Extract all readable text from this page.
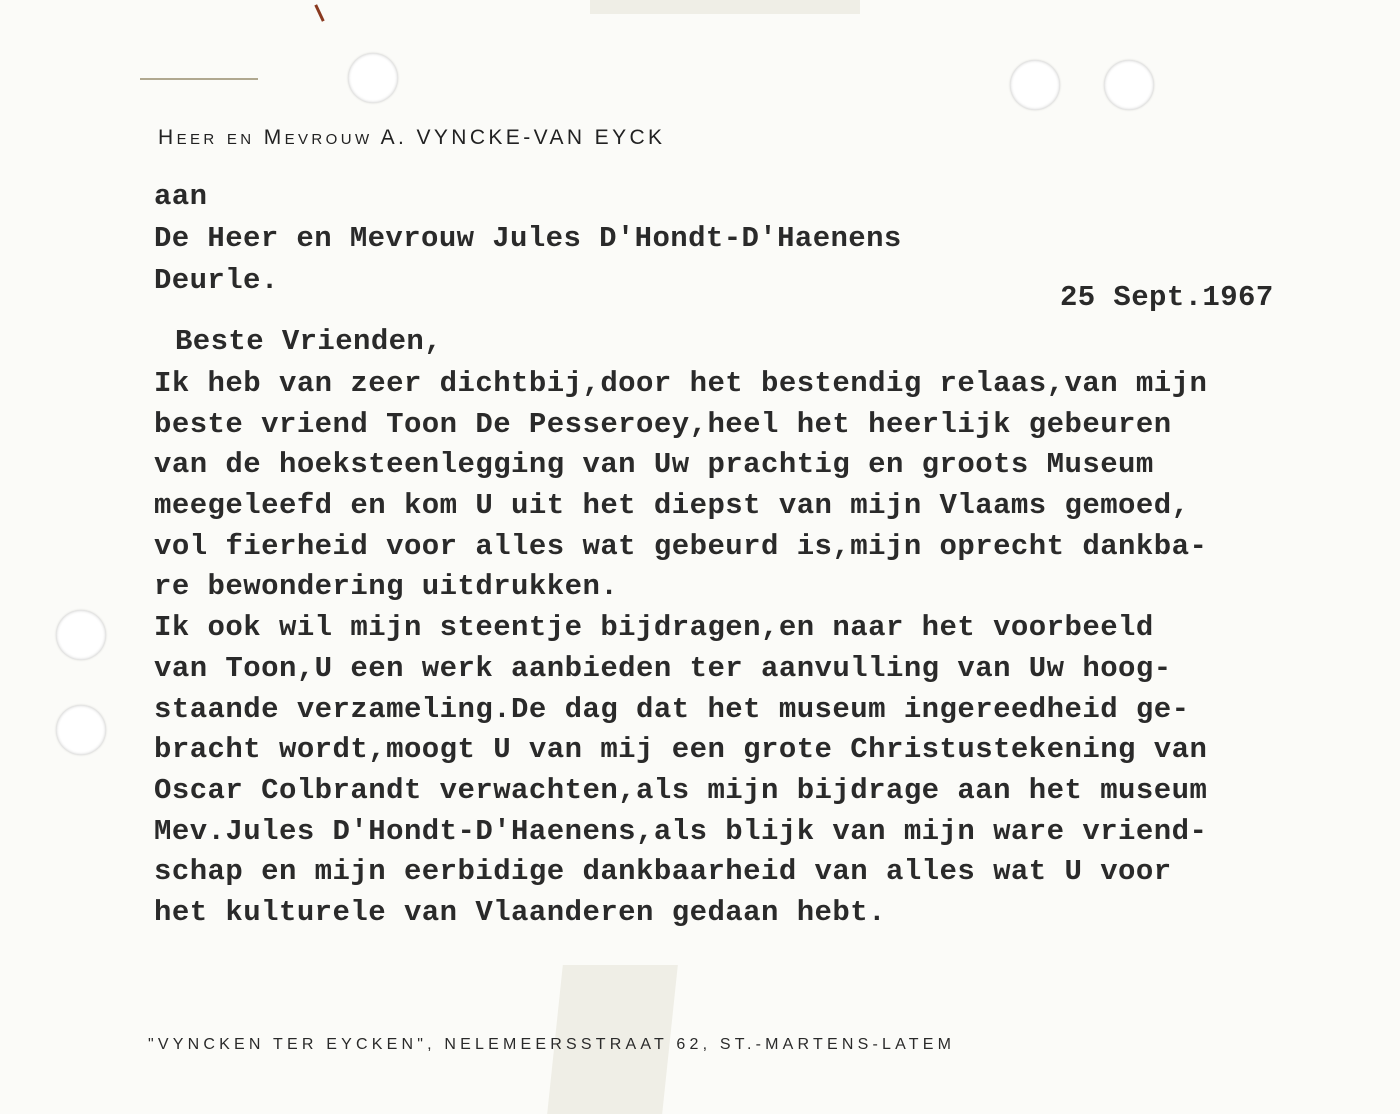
Heer en Mevrouw A. VYNCKE-VAN EYCK
aan
De Heer en Mevrouw Jules D'Hondt-D'Haenens
Deurle.
25 Sept.1967
Beste Vrienden,
Ik heb van zeer dichtbij,door het bestendig relaas,van mijn
beste vriend Toon De Pesseroey,heel het heerlijk gebeuren
van de hoeksteenlegging van Uw prachtig en groots Museum
meegeleefd en kom U uit het diepst van mijn Vlaams gemoed,
vol fierheid voor alles wat gebeurd is,mijn oprecht dankba-
re bewondering uitdrukken.
Ik ook wil mijn steentje bijdragen,en naar het voorbeeld
van Toon,U een werk aanbieden ter aanvulling van Uw hoog-
staande verzameling.De dag dat het museum ingereedheid ge-
bracht wordt,moogt U van mij een grote Christustekening van
Oscar Colbrandt verwachten,als mijn bijdrage aan het museum
Mev.Jules D'Hondt-D'Haenens,als blijk van mijn ware vriend-
schap en mijn eerbidige dankbaarheid van alles wat U voor
het kulturele van Vlaanderen gedaan hebt.
"VYNCKEN TER EYCKEN", NELEMEERSSTRAAT 62, ST.-MARTENS-LATEM
